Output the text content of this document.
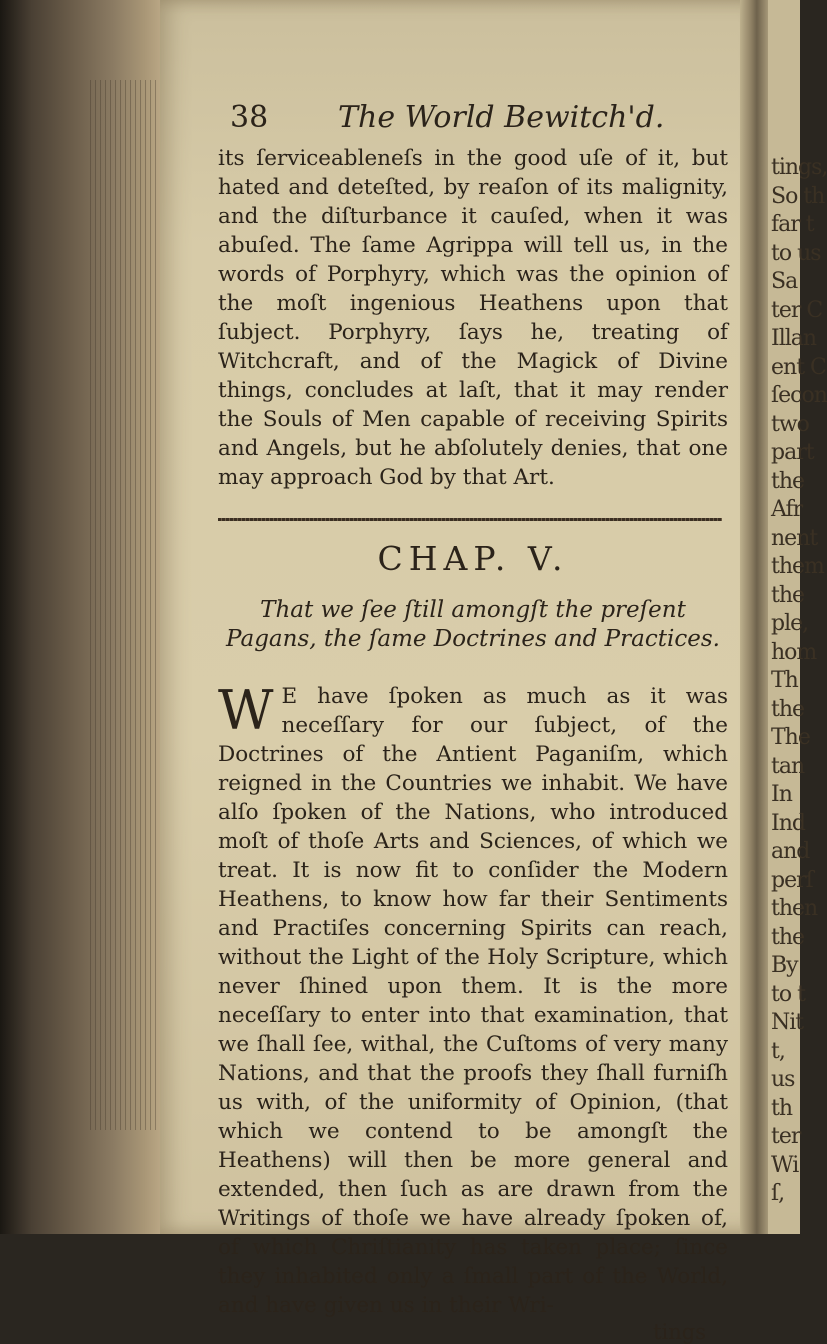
tings,
So th
far t
to us
Sa
ter C
Illan
ent C
ſecon
two
part
the
Afr
nent
them
the
ple,
hom
Th
the
The
tan
In
Ind
and
perſ
then
the
By
to t
Nit
t,
us
th
ter
Wi
ſ,
38 The World Bewitch'd.

its ſerviceableneſs in the good uſe of it, but hated and deteſted, by reaſon of its malignity, and the diſturbance it cauſed, when it was abuſed. The ſame Agrippa will tell us, in the words of Porphyry, which was the opinion of the moſt ingenious Heathens upon that ſubject. Porphyry, ſays he, treating of Witchcraft, and of the Magick of Divine things, concludes at laſt, that it may render the Souls of Men capable of receiving Spirits and Angels, but he abſolutely denies, that one may approach God by that Art.

CHAP. V.
That we ſee ſtill amongſt the preſent Pagans, the ſame Doctrines and Practices.

W E have ſpoken as much as it was neceſſary for our ſubject, of the Doctrines of the Antient Paganiſm, which reigned in the Countries we inhabit. We have alſo ſpoken of the Nations, who introduced moſt of thoſe Arts and Sciences, of which we treat. It is now fit to conſider the Modern Heathens, to know how far their Sentiments and Practiſes concerning Spirits can reach, without the Light of the Holy Scripture, which never ſhined upon them. It is the more neceſſary to enter into that examination, that we ſhall ſee, withal, the Cuſtoms of very many Nations, and that the proofs they ſhall furniſh us with, of the uniformity of Opinion, (that which we contend to be amongſt the Heathens) will then be more general and extended, then ſuch as are drawn from the Writings of thoſe we have already ſpoken of, of which Chriſtianity has taken place; ſince they inhabited only a ſmall part of the World, and have given us in their Wri-

tings
